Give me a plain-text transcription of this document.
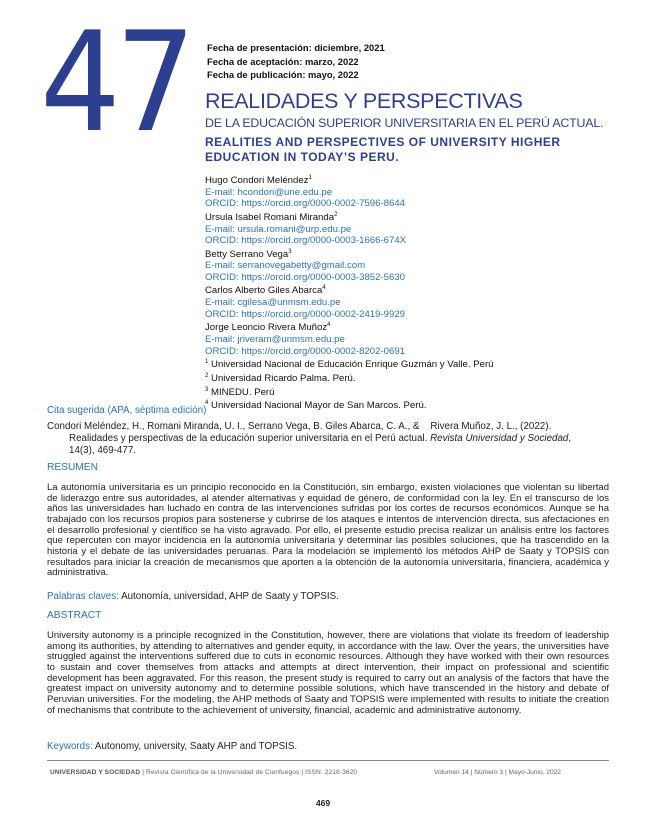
47 Fecha de presentación: diciembre, 2021
Fecha de aceptación: marzo, 2022
Fecha de publicación: mayo, 2022
REALIDADES Y PERSPECTIVAS
DE LA EDUCACIÓN SUPERIOR UNIVERSITARIA EN EL PERÚ ACTUAL.
REALITIES AND PERSPECTIVES OF UNIVERSITY HIGHER EDUCATION IN TODAY’S PERU.
Hugo Condori Meléndez$^1$
E-mail: hcondori@une.edu.pe
ORCID: https://orcid.org/0000-0002-7596-8644
Ursula Isabel Romani Miranda$^2$
E-mail: ursula.romani@urp.edu.pe
ORCID: https://orcid.org/0000-0003-1666-674X
Betty Serrano Vega$^3$
E-mail: serranovegabetty@gmail.com
ORCID: https://orcid.org/0000-0003-3852-5630
Carlos Alberto Giles Abarca$^4$
E-mail: cgilesa@unmsm.edu.pe
ORCID: https://orcid.org/0000-0002-2419-9929
Jorge Leoncio Rivera Muñoz$^4$
E-mail: jriveram@unmsm.edu.pe
ORCID: https://orcid.org/0000-0002-8202-0691
$^1$ Universidad Nacional de Educación Enrique Guzmán y Valle. Perú
$^2$ Universidad Ricardo Palma. Perú.
$^3$ MINEDU. Perú
$^4$ Universidad Nacional Mayor de San Marcos. Perú.
Cita sugerida (APA, séptima edición)
Condori Meléndez, H., Romani Miranda, U. I., Serrano Vega, B. Giles Abarca, C. A., &    Rivera Muñoz, J. L., (2022).
Realidades y perspectivas de la educación superior universitaria en el Perú actual. Revista Universidad y Sociedad,
14(3), 469-477.
RESUMEN
La autonomía universitaria es un principio reconocido en la Constitución, sin embargo, existen violaciones que violentan su libertad de liderazgo entre sus autoridades, al atender alternativas y equidad de género, de conformidad con la ley. En el transcurso de los años las universidades han luchado en contra de las intervenciones sufridas por los cortes de recursos económicos. Aunque se ha trabajado con los recursos propios para sostenerse y cubrirse de los ataques e intentos de intervención directa, sus afectaciones en el desarrollo profesional y científico se ha visto agravado. Por ello, el presente estudio precisa realizar un análisis entre los factores que repercuten con mayor incidencia en la autonomía universitaria y determinar las posibles soluciones, que ha trascendido en la historia y el debate de las universidades peruanas. Para la modelación se implementó los métodos AHP de Saaty y TOPSIS con resultados para iniciar la creación de mecanismos que aporten a la obtención de la autonomía universitaria, financiera, académica y administrativa.
Palabras claves: Autonomía, universidad, AHP de Saaty y TOPSIS.
ABSTRACT
University autonomy is a principle recognized in the Constitution, however, there are violations that violate its freedom of leadership among its authorities, by attending to alternatives and gender equity, in accordance with the law. Over the years, the universities have struggled against the interventions suffered due to cuts in economic resources. Although they have worked with their own resources to sustain and cover themselves from attacks and attempts at direct intervention, their impact on professional and scientific development has been aggravated. For this reason, the present study is required to carry out an analysis of the factors that have the greatest impact on university autonomy and to determine possible solutions, which have transcended in the history and debate of Peruvian universities. For the modeling, the AHP methods of Saaty and TOPSIS were implemented with results to initiate the creation of mechanisms that contribute to the achievement of university, financial, academic and administrative autonomy.
Keywords: Autonomy, university, Saaty AHP and TOPSIS.
UNIVERSIDAD Y SOCIEDAD | Revista Científica de la Universidad de Cienfuegos | ISSN: 2218-3620	Volumen 14 | Número 3 | Mayo-Junio, 2022
469
